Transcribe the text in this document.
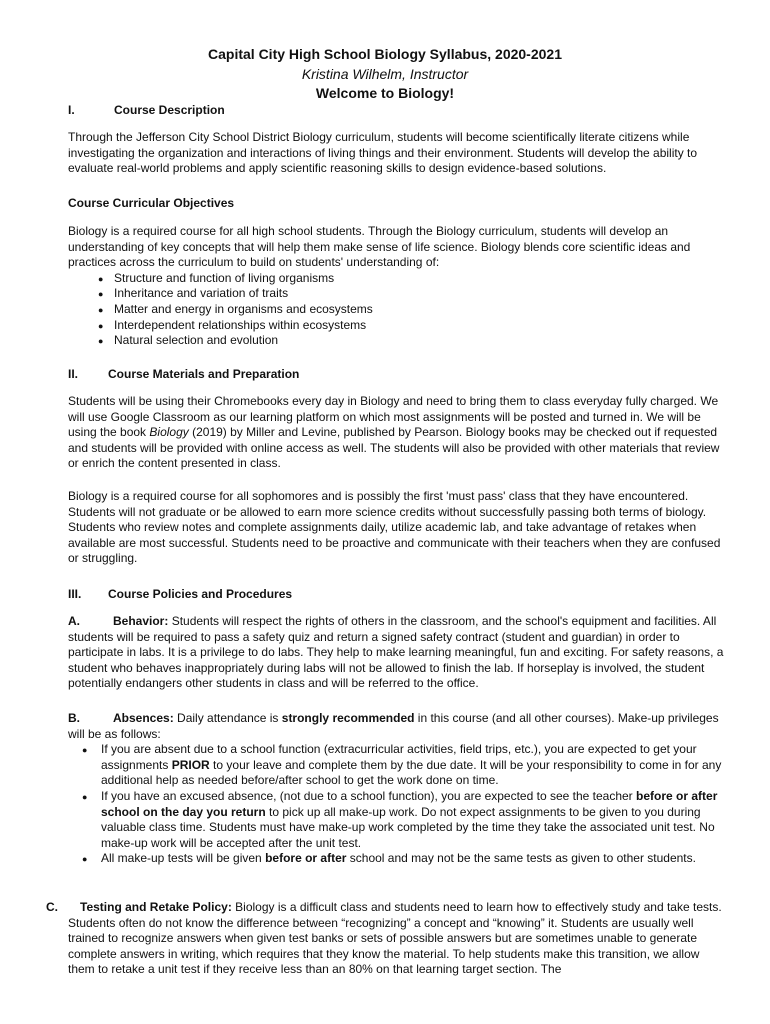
Capital City High School Biology Syllabus, 2020-2021
Kristina Wilhelm, Instructor
Welcome to Biology!
I.	Course Description
Through the Jefferson City School District Biology curriculum, students will become scientifically literate citizens while investigating the organization and interactions of living things and their environment. Students will develop the ability to evaluate real-world problems and apply scientific reasoning skills to design evidence-based solutions.
Course Curricular Objectives
Biology is a required course for all high school students. Through the Biology curriculum, students will develop an understanding of key concepts that will help them make sense of life science. Biology blends core scientific ideas and practices across the curriculum to build on students' understanding of:
● Structure and function of living organisms
● Inheritance and variation of traits
● Matter and energy in organisms and ecosystems
● Interdependent relationships within ecosystems
● Natural selection and evolution
II. Course Materials and Preparation
Students will be using their Chromebooks every day in Biology and need to bring them to class everyday fully charged. We will use Google Classroom as our learning platform on which most assignments will be posted and turned in. We will be using the book Biology (2019) by Miller and Levine, published by Pearson. Biology books may be checked out if requested and students will be provided with online access as well. The students will also be provided with other materials that review or enrich the content presented in class.
Biology is a required course for all sophomores and is possibly the first 'must pass' class that they have encountered. Students will not graduate or be allowed to earn more science credits without successfully passing both terms of biology. Students who review notes and complete assignments daily, utilize academic lab, and take advantage of retakes when available are most successful. Students need to be proactive and communicate with their teachers when they are confused or struggling.
III. Course Policies and Procedures
A.	Behavior: Students will respect the rights of others in the classroom, and the school's equipment and facilities. All students will be required to pass a safety quiz and return a signed safety contract (student and guardian) in order to participate in labs. It is a privilege to do labs. They help to make learning meaningful, fun and exciting. For safety reasons, a student who behaves inappropriately during labs will not be allowed to finish the lab. If horseplay is involved, the student potentially endangers other students in class and will be referred to the office.
B.	Absences: Daily attendance is strongly recommended in this course (and all other courses). Make-up privileges will be as follows:
● If you are absent due to a school function (extracurricular activities, field trips, etc.), you are expected to get your assignments PRIOR to your leave and complete them by the due date. It will be your responsibility to come in for any additional help as needed before/after school to get the work done on time.
● If you have an excused absence, (not due to a school function), you are expected to see the teacher before or after school on the day you return to pick up all make-up work. Do not expect assignments to be given to you during valuable class time. Students must have make-up work completed by the time they take the associated unit test. No make-up work will be accepted after the unit test.
● All make-up tests will be given before or after school and may not be the same tests as given to other students.
C. Testing and Retake Policy: Biology is a difficult class and students need to learn how to effectively study and take tests. Students often do not know the difference between “recognizing” a concept and “knowing” it. Students are usually well trained to recognize answers when given test banks or sets of possible answers but are sometimes unable to generate complete answers in writing, which requires that they know the material. To help students make this transition, we allow them to retake a unit test if they receive less than an 80% on that learning target section. The
